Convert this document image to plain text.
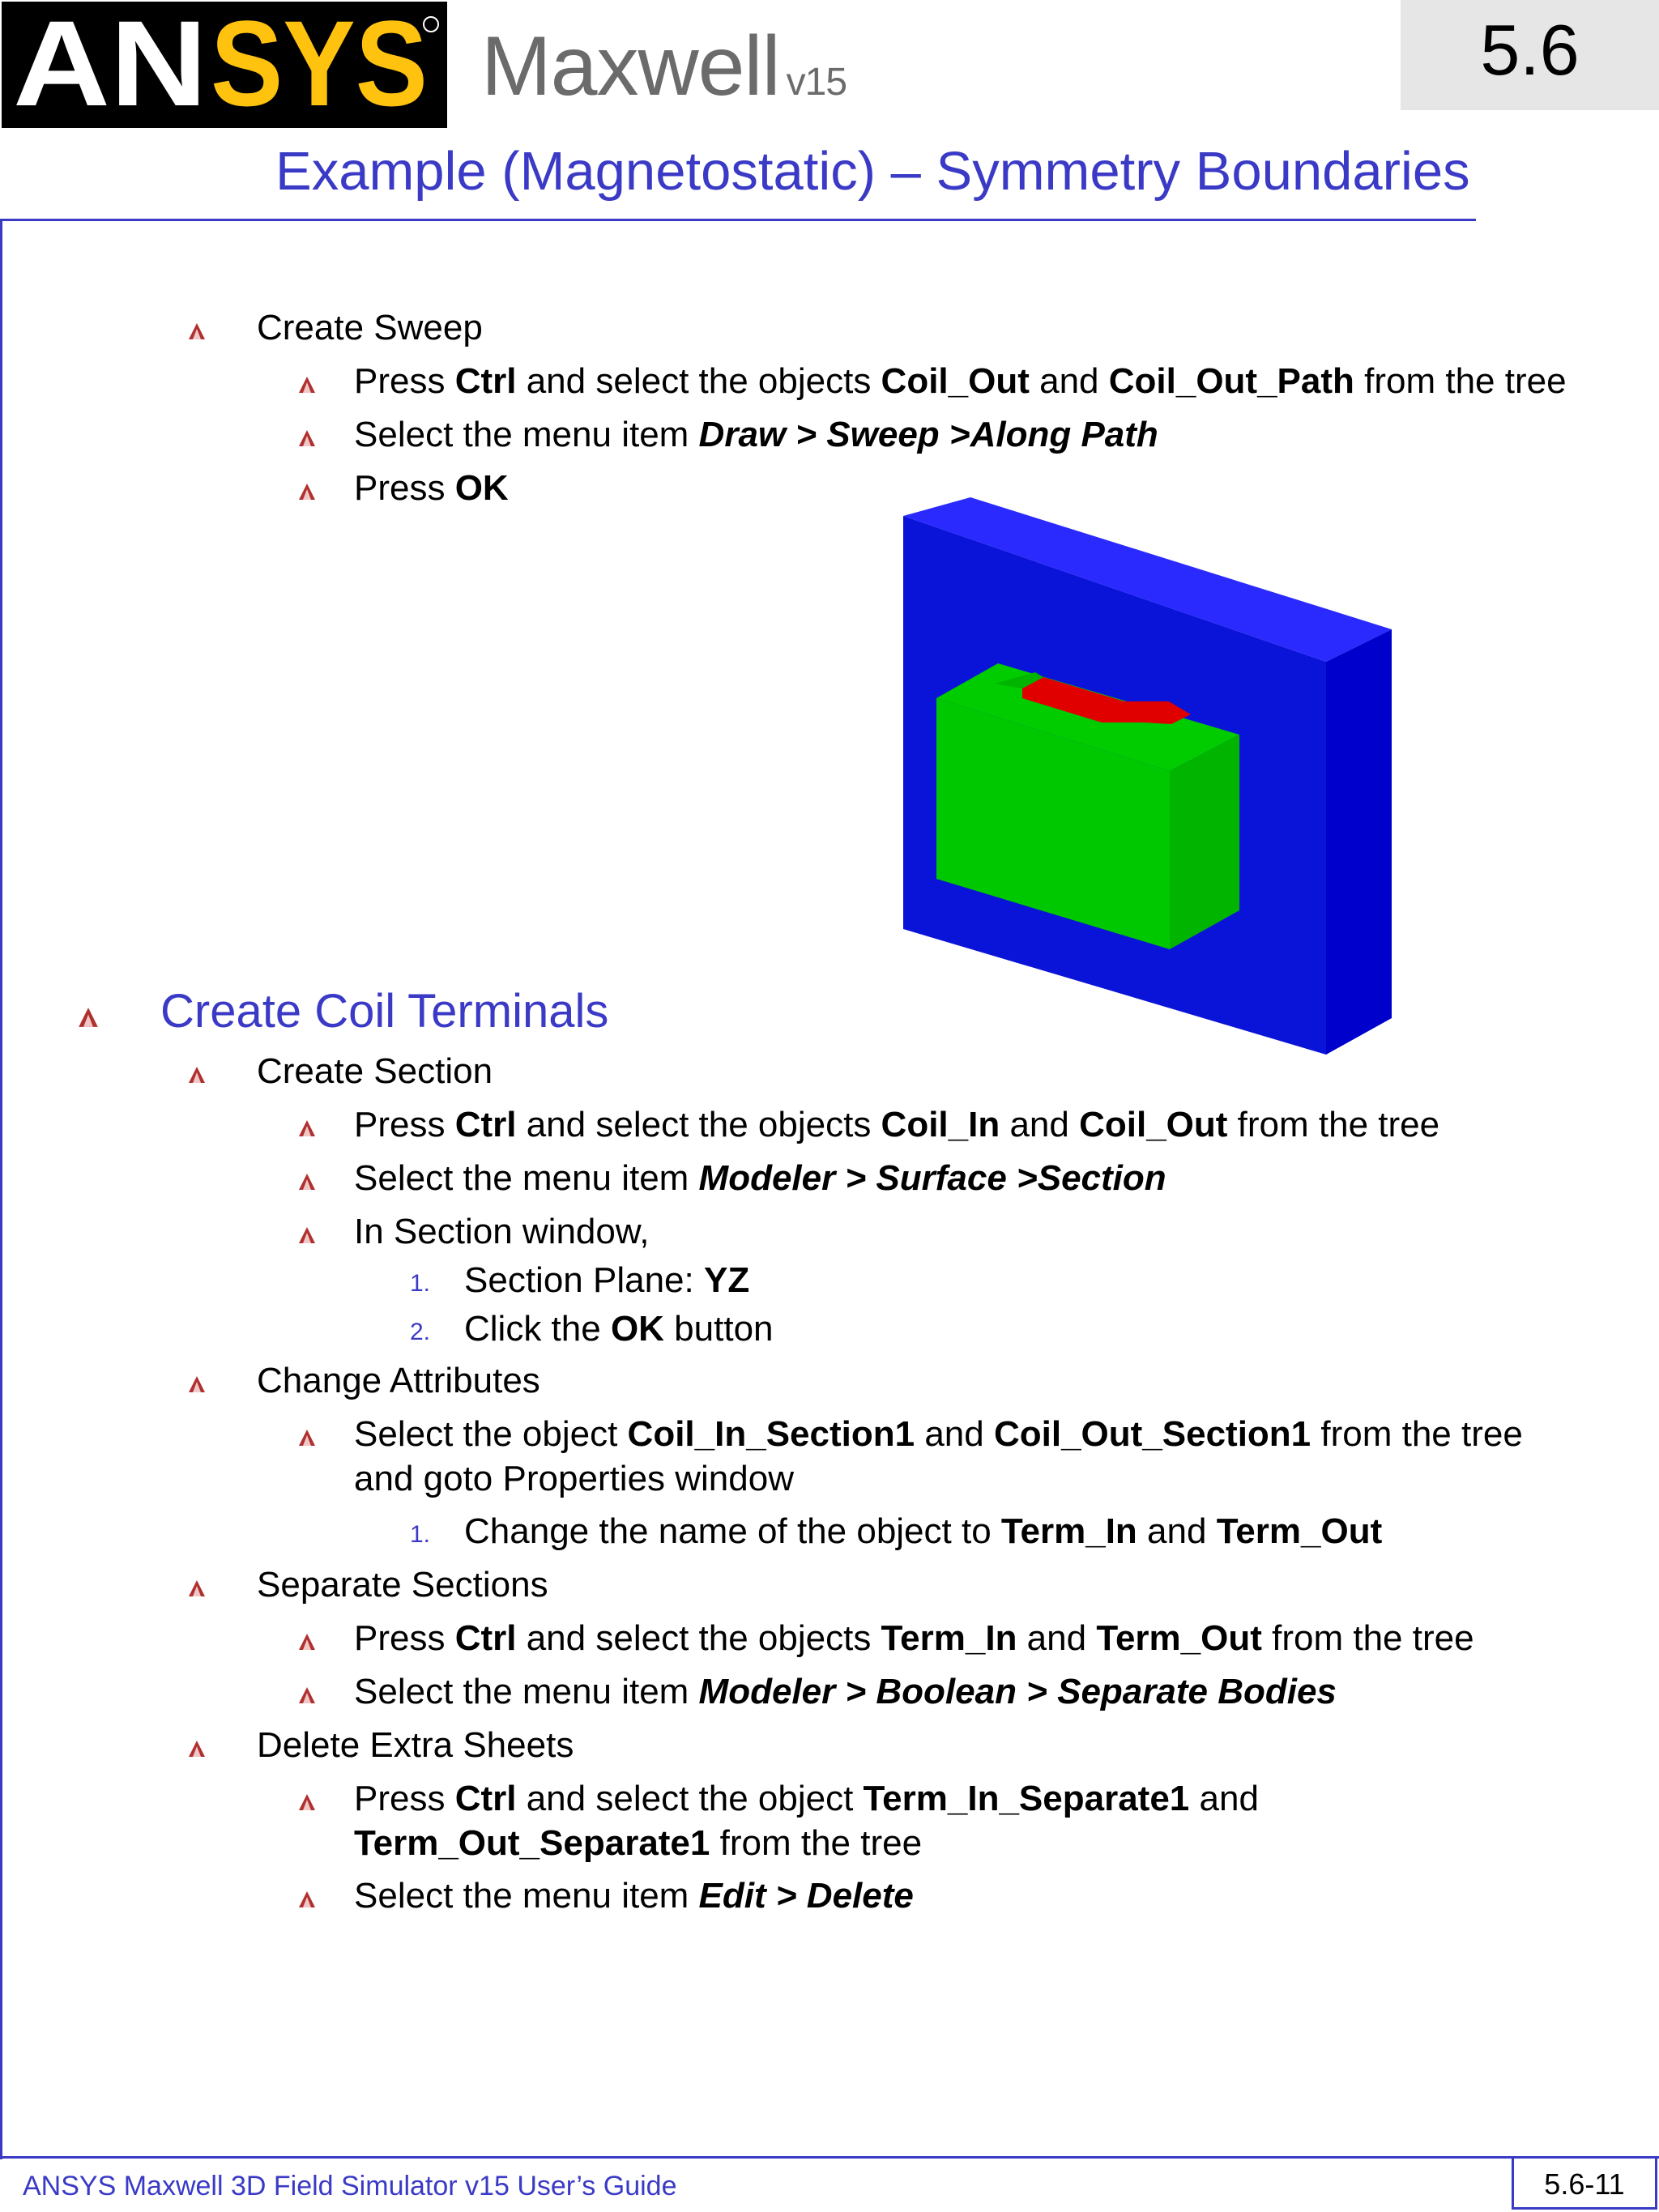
AN SYS Maxwell v15	5.6
Example (Magnetostatic) – Symmetry Boundaries
Create Sweep
Press Ctrl and select the objects Coil_Out and Coil_Out_Path from the tree
Select the menu item Draw > Sweep >Along Path
Press OK
Create Coil Terminals
Create Section
Press Ctrl and select the objects Coil_In and Coil_Out from the tree
Select the menu item Modeler > Surface >Section
In Section window,
1. Section Plane: YZ
2. Click the OK button
Change Attributes
Select the object Coil_In_Section1 and Coil_Out_Section1 from the tree
and goto Properties window
1. Change the name of the object to Term_In and Term_Out
Separate Sections
Press Ctrl and select the objects Term_In and Term_Out from the tree
Select the menu item Modeler > Boolean > Separate Bodies
Delete Extra Sheets
Press Ctrl and select the object Term_In_Separate1 and
Term_Out_Separate1 from the tree
Select the menu item Edit > Delete
ANSYS Maxwell 3D Field Simulator v15 User’s Guide	5.6-11
